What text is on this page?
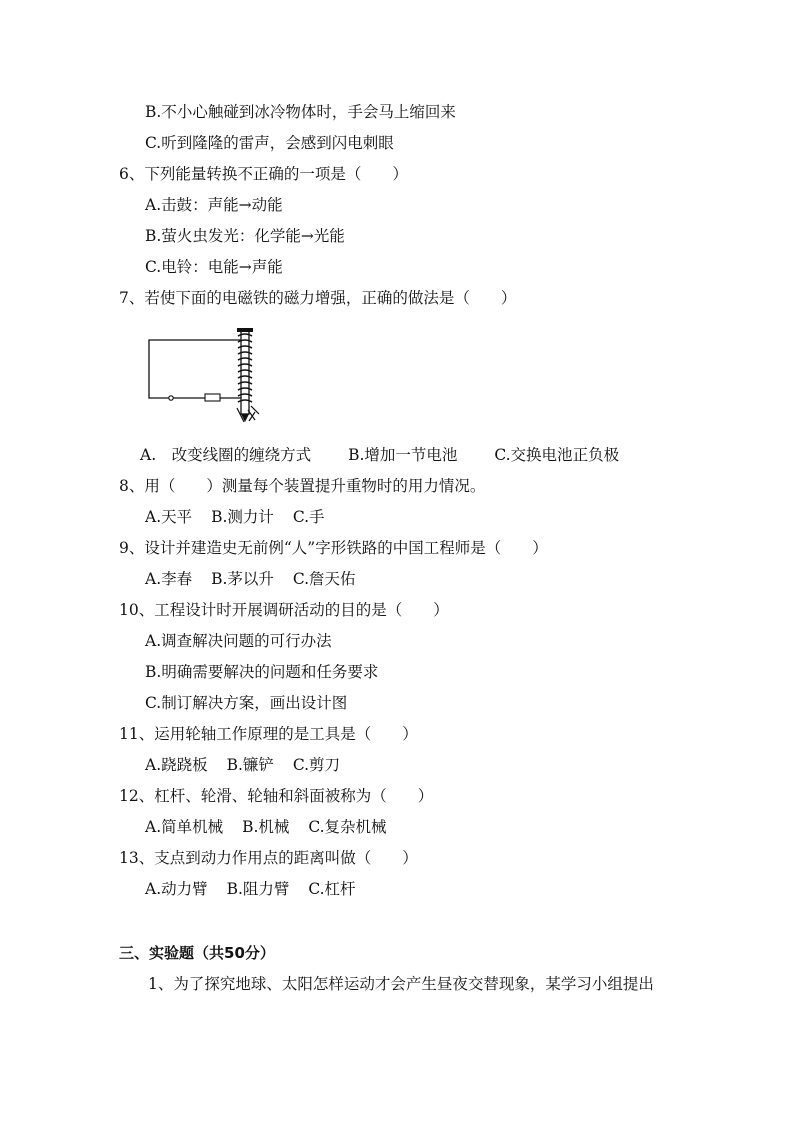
B.不小心触碰到冰冷物体时，手会马上缩回来
C.听到隆隆的雷声，会感到闪电刺眼
6、下列能量转换不正确的一项是（　　）
A.击鼓：声能→动能
B.萤火虫发光：化学能→光能
C.电铃：电能→声能
7、若使下面的电磁铁的磁力增强，正确的做法是（　　）
A.　改变线圈的缠绕方式 B.增加一节电池 C.交换电池正负极
8、用（　　）测量每个装置提升重物时的用力情况。
A.天平 B.测力计 C.手
9、设计并建造史无前例“人”字形铁路的中国工程师是（　　）
A.李春 B.茅以升 C.詹天佑
10、工程设计时开展调研活动的目的是（　　）
A.调查解决问题的可行办法
B.明确需要解决的问题和任务要求
C.制订解决方案，画出设计图
11、运用轮轴工作原理的是工具是（　　）
A.跷跷板 B.镰铲 C.剪刀
12、杠杆、轮滑、轮轴和斜面被称为（　　）
A.简单机械 B.机械 C.复杂机械
13、支点到动力作用点的距离叫做（　　）
A.动力臂 B.阻力臂 C.杠杆
三、实验题（共50分）
1、为了探究地球、太阳怎样运动才会产生昼夜交替现象，某学习小组提出
